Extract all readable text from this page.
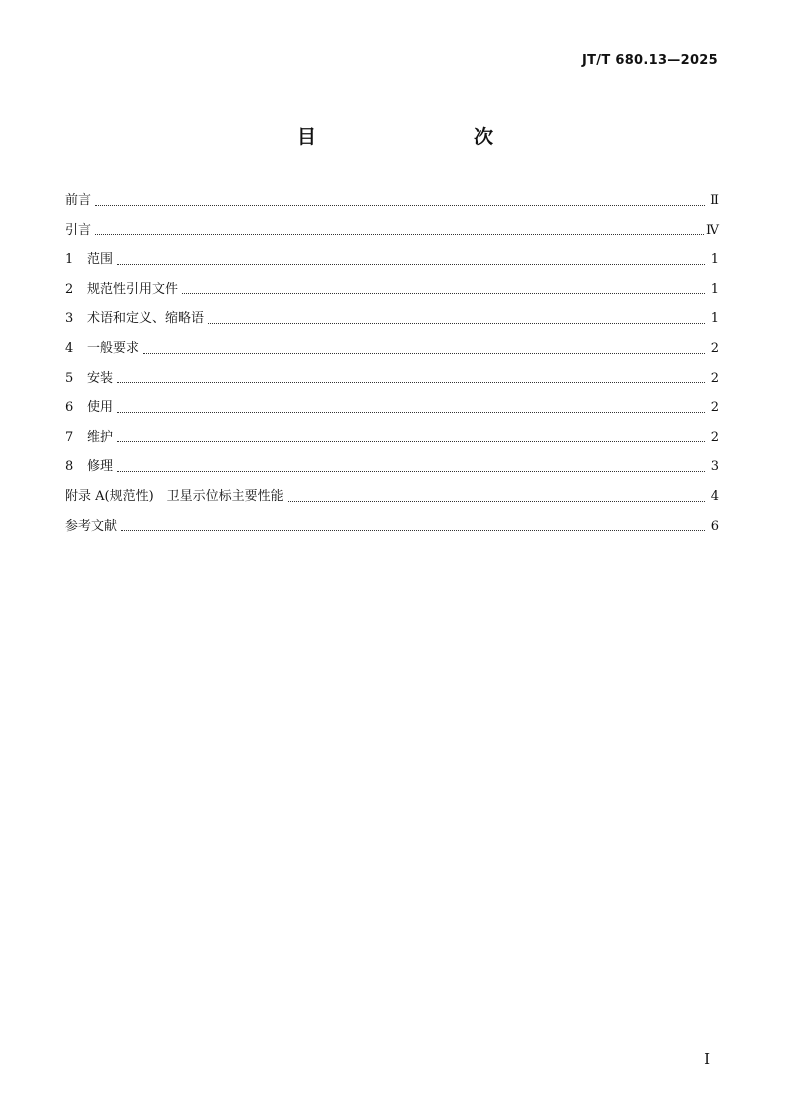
JT/T 680.13—2025
目　　次
前言	Ⅱ
引言	Ⅳ
1	范围	1
2	规范性引用文件	1
3	术语和定义、缩略语	1
4	一般要求	2
5	安装	2
6	使用	2
7	维护	2
8	修理	3
附录 A(规范性)　卫星示位标主要性能	4
参考文献	6
I
